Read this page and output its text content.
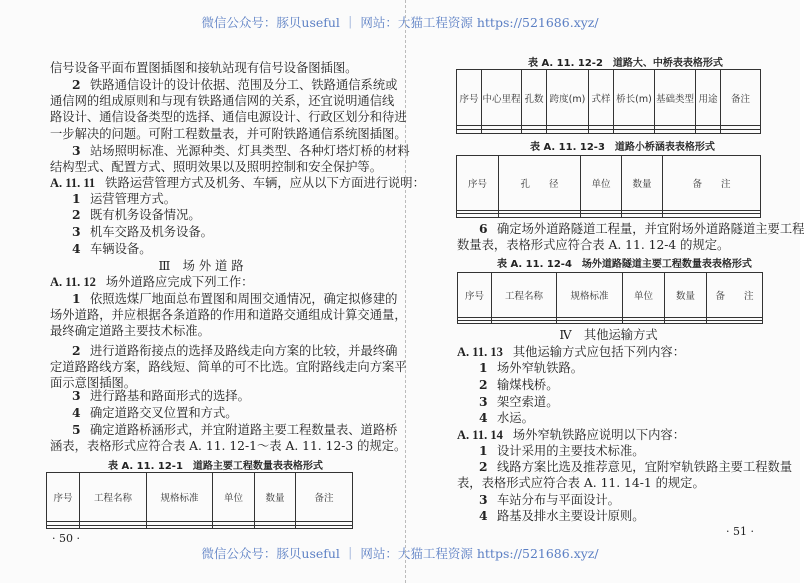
微信公众号：豚贝useful ｜ 网站：大猫工程资源 https://521686.xyz/
微信公众号：豚贝useful ｜ 网站：大猫工程资源 https://521686.xyz/
信号设备平面布置图插图和接轨站现有信号设备图插图。
2 铁路通信设计的设计依据、范围及分工、铁路通信系统或
通信网的组成原则和与现有铁路通信网的关系，还宜说明通信线
路设计、通信设备类型的选择、通信电源设计、行政区划分和待进
一步解决的问题。可附工程数量表，并可附铁路通信系统图插图。
3 站场照明标准、光源种类、灯具类型、各种灯塔灯桥的材料
结构型式、配置方式、照明效果以及照明控制和安全保护等。
A. 11. 11 铁路运营管理方式及机务、车辆，应从以下方面进行说明：
1 运营管理方式。
2 既有机务设备情况。
3 机车交路及机务设备。
4 车辆设备。
Ⅲ　场 外 道 路
A. 11. 12 场外道路应完成下列工作：
1 依照选煤厂地面总布置图和周围交通情况，确定拟修建的
场外道路，并应根据各条道路的作用和道路交通组成计算交通量，
最终确定道路主要技术标准。
2 进行道路衔接点的选择及路线走向方案的比较，并最终确
定道路路线方案，路线短、简单的可不比选。宜附路线走向方案平
面示意图插图。
3 进行路基和路面形式的选择。
4 确定道路交叉位置和方式。
5 确定道路桥涵形式，并宜附道路主要工程数量表、道路桥
涵表，表格形式应符合表 A. 11. 12-1～表 A. 11. 12-3 的规定。
表 A. 11. 12-1　道路主要工程数量表表格形式
序号	工程名称	规格标准	单位	数量	备注

· 50 ·
表 A. 11. 12-2　道路大、中桥表表格形式
序号	中心里程	孔数	跨度(m)	式样	桥长(m)	基础类型	用途	备注

表 A. 11. 12-3　道路小桥涵表表格形式
序号	孔　　径	单位	数量	备　　注

6 确定场外道路隧道工程量，并宜附场外道路隧道主要工程
数量表，表格形式应符合表 A. 11. 12-4 的规定。
表 A. 11. 12-4　场外道路隧道主要工程数量表表格形式
序号	工程名称	规格标准	单位	数量	备　　注

Ⅳ　其他运输方式
A. 11. 13 其他运输方式应包括下列内容：
1 场外窄轨铁路。
2 输煤栈桥。
3 架空索道。
4 水运。
A. 11. 14 场外窄轨铁路应说明以下内容：
1 设计采用的主要技术标准。
2 线路方案比选及推荐意见，宜附窄轨铁路主要工程数量
表，表格形式应符合表 A. 11. 14-1 的规定。
3 车站分布与平面设计。
4 路基及排水主要设计原则。
· 51 ·
